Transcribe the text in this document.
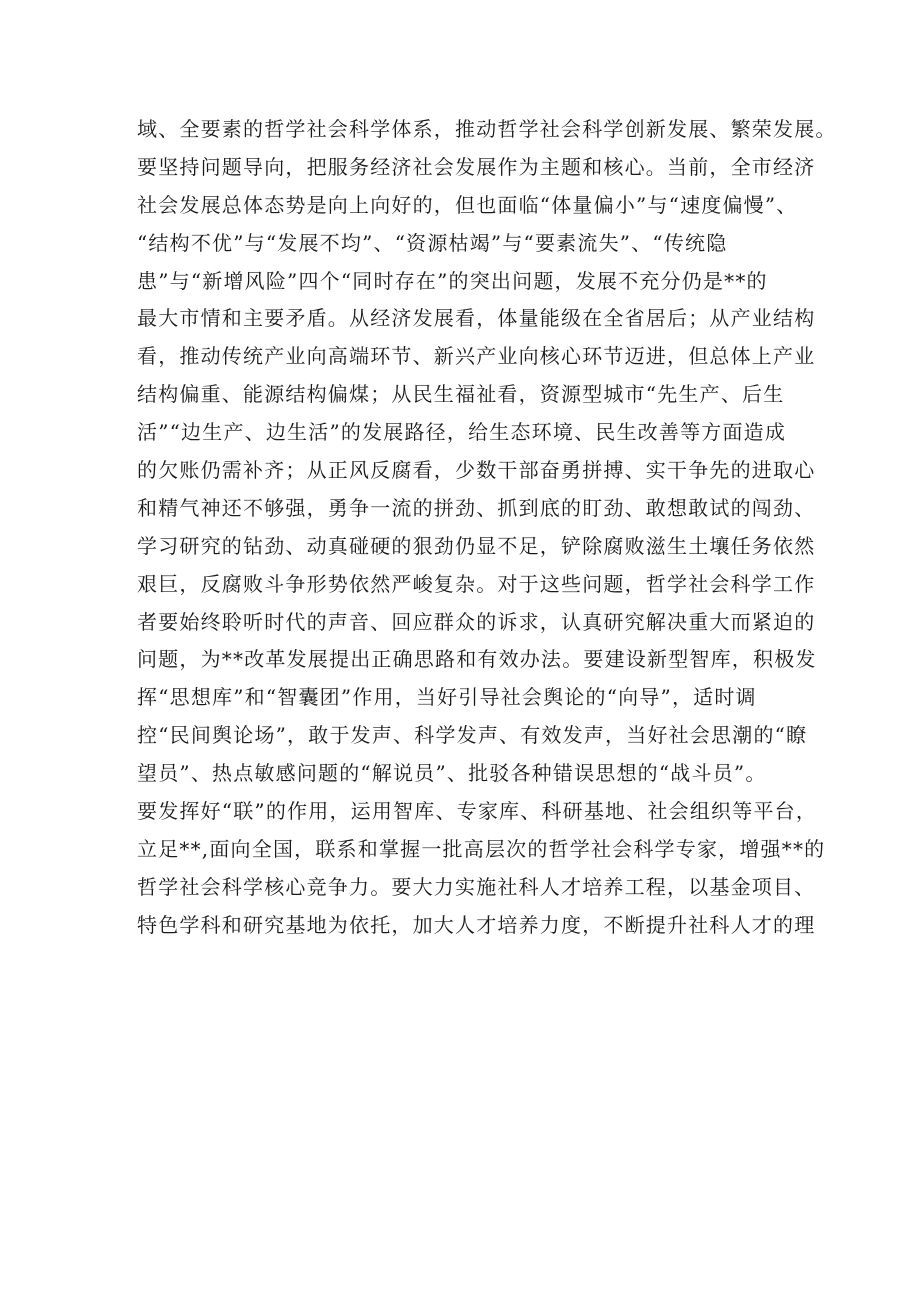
域、全要素的哲学社会科学体系，推动哲学社会科学创新发展、繁荣发展。
要坚持问题导向，把服务经济社会发展作为主题和核心。当前，全市经济
社会发展总体态势是向上向好的，但也面临“体量偏小”与“速度偏慢”、
“结构不优”与“发展不均”、“资源枯竭”与“要素流失”、“传统隐
患”与“新增风险”四个“同时存在”的突出问题，发展不充分仍是**的
最大市情和主要矛盾。从经济发展看，体量能级在全省居后；从产业结构
看，推动传统产业向高端环节、新兴产业向核心环节迈进，但总体上产业
结构偏重、能源结构偏煤；从民生福祉看，资源型城市“先生产、后生
活”“边生产、边生活”的发展路径，给生态环境、民生改善等方面造成
的欠账仍需补齐；从正风反腐看，少数干部奋勇拼搏、实干争先的进取心
和精气神还不够强，勇争一流的拼劲、抓到底的盯劲、敢想敢试的闯劲、
学习研究的钻劲、动真碰硬的狠劲仍显不足，铲除腐败滋生土壤任务依然
艰巨，反腐败斗争形势依然严峻复杂。对于这些问题，哲学社会科学工作
者要始终聆听时代的声音、回应群众的诉求，认真研究解决重大而紧迫的
问题，为**改革发展提出正确思路和有效办法。要建设新型智库，积极发
挥“思想库”和“智囊团”作用，当好引导社会舆论的“向导”，适时调
控“民间舆论场”，敢于发声、科学发声、有效发声，当好社会思潮的“瞭
望员”、热点敏感问题的“解说员”、批驳各种错误思想的“战斗员”。
要发挥好“联”的作用，运用智库、专家库、科研基地、社会组织等平台，
立足**,面向全国，联系和掌握一批高层次的哲学社会科学专家，增强**的
哲学社会科学核心竞争力。要大力实施社科人才培养工程，以基金项目、
特色学科和研究基地为依托，加大人才培养力度，不断提升社科人才的理
